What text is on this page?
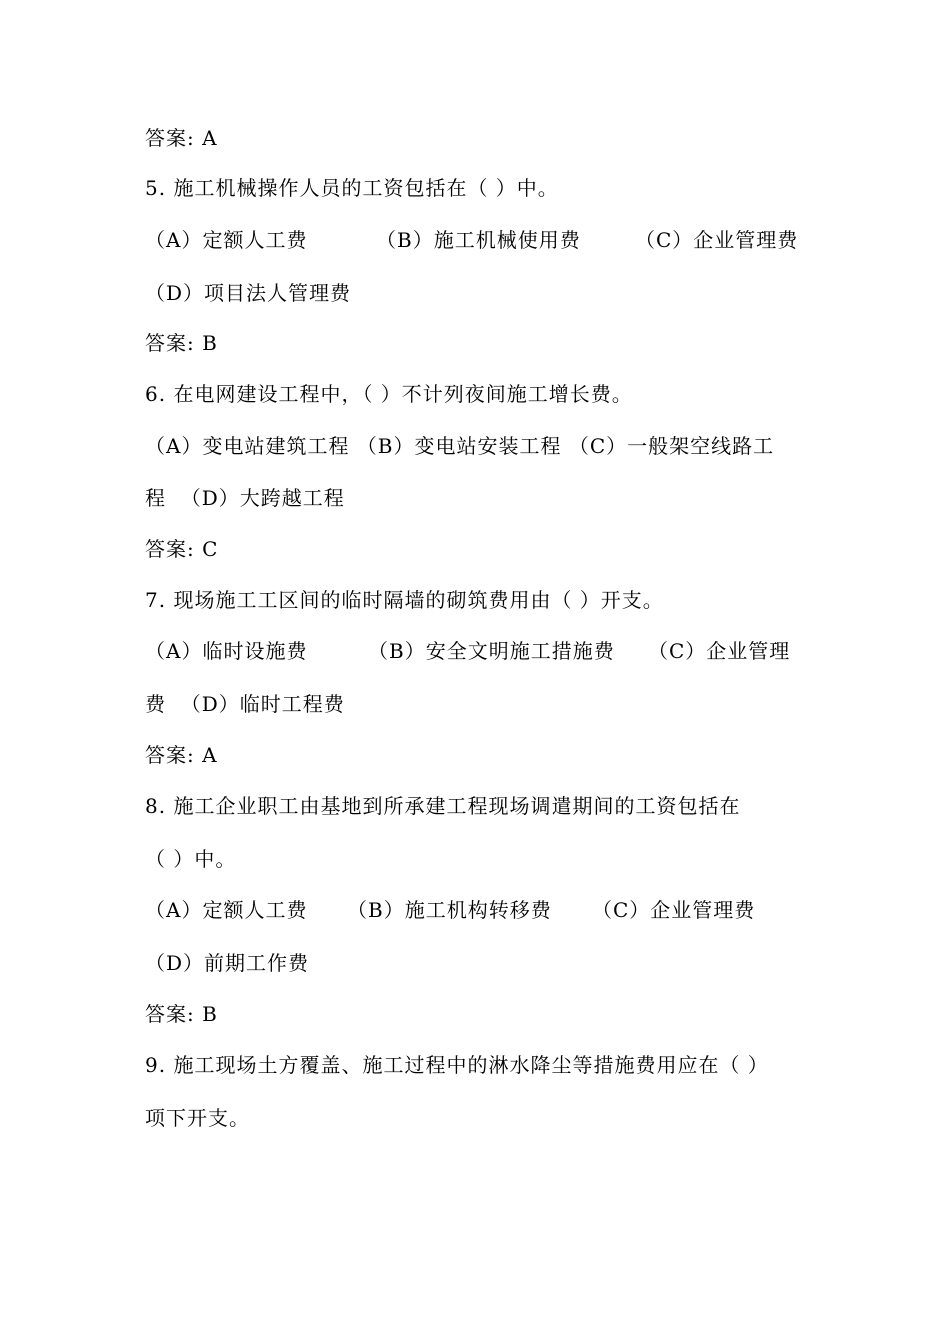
答案: A
5. 施工机械操作人员的工资包括在（ ）中。
（A）定额人工费	（B）施工机械使用费	（C）企业管理费
（D）项目法人管理费
答案: B
6. 在电网建设工程中，（ ）不计列夜间施工增长费。
（A）变电站建筑工程 （B）变电站安装工程 （C）一般架空线路工
程  （D）大跨越工程
答案: C
7. 现场施工工区间的临时隔墙的砌筑费用由（ ）开支。
（A）临时设施费	（B）安全文明施工措施费 （C）企业管理
费  （D）临时工程费
答案: A
8. 施工企业职工由基地到所承建工程现场调遣期间的工资包括在
（ ）中。
（A）定额人工费 （B）施工机构转移费 （C）企业管理费
（D）前期工作费
答案: B
9. 施工现场土方覆盖、施工过程中的淋水降尘等措施费用应在（ ）
项下开支。
